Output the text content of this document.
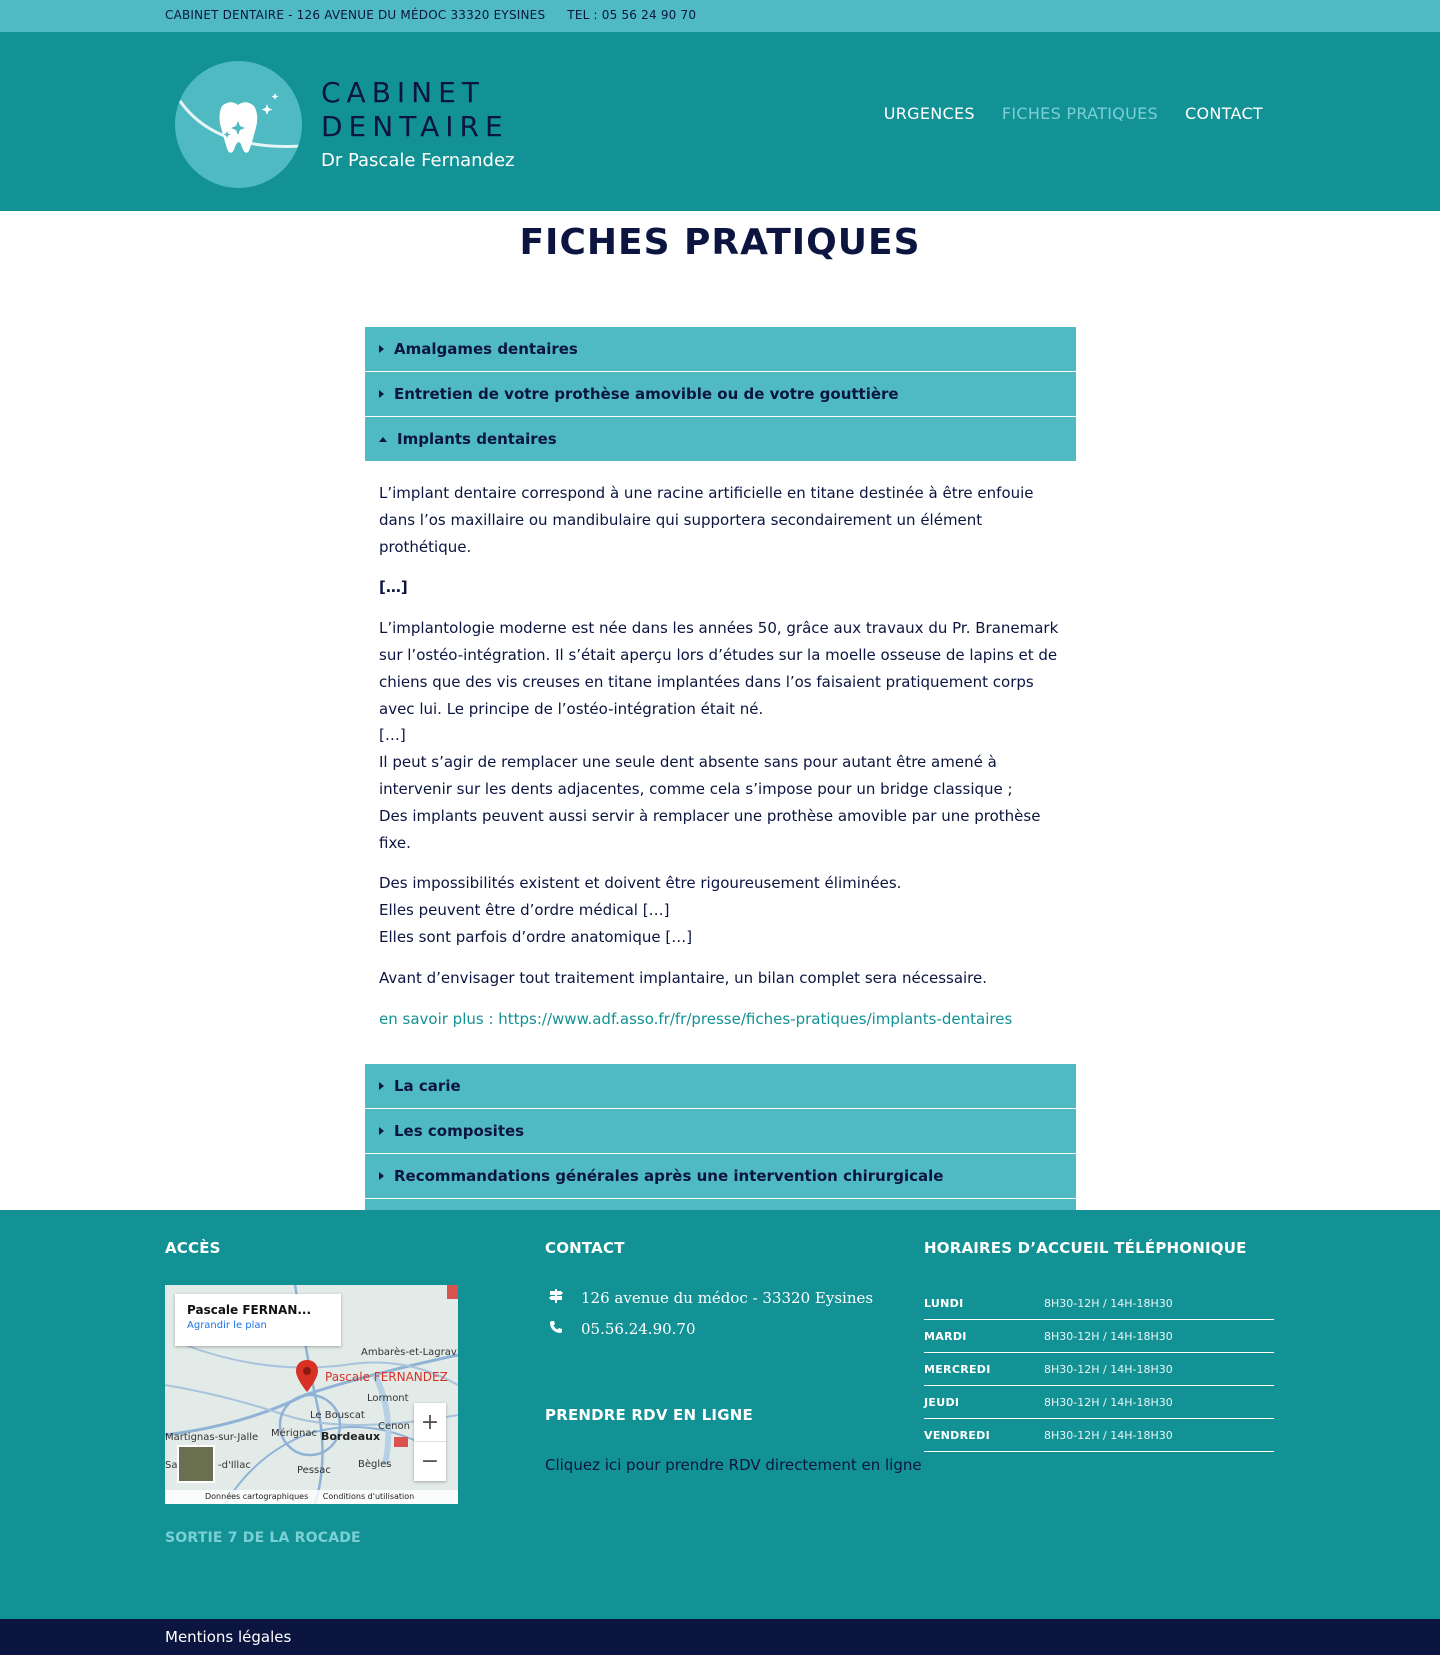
CABINET DENTAIRE - 126 AVENUE DU MÉDOC 33320 EYSINES TEL : 05 56 24 90 70
CABINET
DENTAIRE
Dr Pascale Fernandez
URGENCES FICHES PRATIQUES CONTACT
FICHES PRATIQUES
Amalgames dentaires
Entretien de votre prothèse amovible ou de votre gouttière
Implants dentaires

L’implant dentaire correspond à une racine artificielle en titane destinée à être enfouie dans l’os maxillaire ou mandibulaire qui supportera secondairement un élément prothétique.

[…]

L’implantologie moderne est née dans les années 50, grâce aux travaux du Pr. Branemark sur l’ostéo-intégration. Il s’était aperçu lors d’études sur la moelle osseuse de lapins et de chiens que des vis creuses en titane implantées dans l’os faisaient pratiquement corps avec lui. Le principe de l’ostéo-intégration était né.

[…]

Il peut s’agir de remplacer une seule dent absente sans pour autant être amené à intervenir sur les dents adjacentes, comme cela s’impose pour un bridge classique ;

Des implants peuvent aussi servir à remplacer une prothèse amovible par une prothèse fixe.

Des impossibilités existent et doivent être rigoureusement éliminées.

Elles peuvent être d’ordre médical […]

Elles sont parfois d’ordre anatomique […]

Avant d’envisager tout traitement implantaire, un bilan complet sera nécessaire.

en savoir plus : https://www.adf.asso.fr/fr/presse/fiches-pratiques/implants-dentaires

La carie
Les composites
Recommandations générales après une intervention chirurgicale
ACCÈS
Pascale FERNAN...
Agrandir le plan
Ambarès-et-Lagrav
Pascale FERNANDEZ
Lormont
Le Bouscat
Martignas-sur-Jalle Mérignac Bordeaux
Cenon
Sa	-d'Illac	Pessac
Bègles
+
−
Données cartographiques Conditions d'utilisation
SORTIE 7 DE LA ROCADE
CONTACT
126 avenue du médoc - 33320 Eysines
05.56.24.90.70
PRENDRE RDV EN LIGNE
Cliquez ici pour prendre RDV directement en ligne
HORAIRES D’ACCUEIL TÉLÉPHONIQUE
LUNDI	8H30-12H / 14H-18H30
MARDI	8H30-12H / 14H-18H30
MERCREDI	8H30-12H / 14H-18H30
JEUDI	8H30-12H / 14H-18H30
VENDREDI	8H30-12H / 14H-18H30
Mentions légales
